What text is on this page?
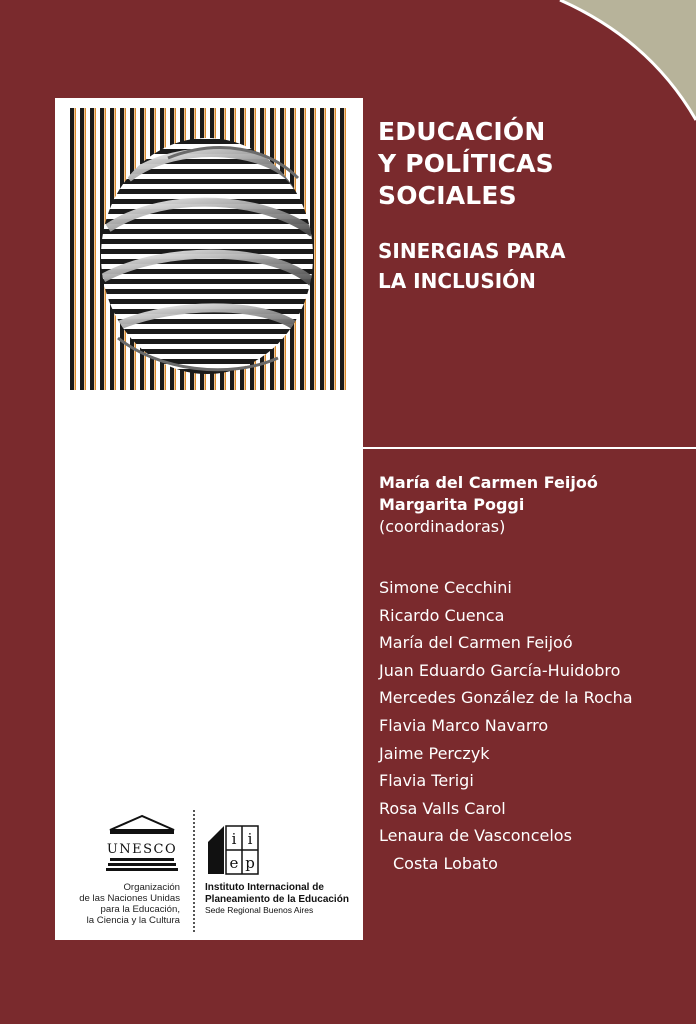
EDUCACIÓN
Y POLÍTICAS
SOCIALES
SINERGIAS PARA
LA INCLUSIÓN
María del Carmen Feijoó
Margarita Poggi
(coordinadoras)
Simone Cecchini
Ricardo Cuenca
María del Carmen Feijoó
Juan Eduardo García-Huidobro
Mercedes González de la Rocha
Flavia Marco Navarro
Jaime Perczyk
Flavia Terigi
Rosa Valls Carol
Lenaura de Vasconcelos
Costa Lobato
UNESCO
Organización
de las Naciones Unidas
para la Educación,
la Ciencia y la Cultura
i i
e p
Instituto Internacional de
Planeamiento de la Educación
Sede Regional Buenos Aires
